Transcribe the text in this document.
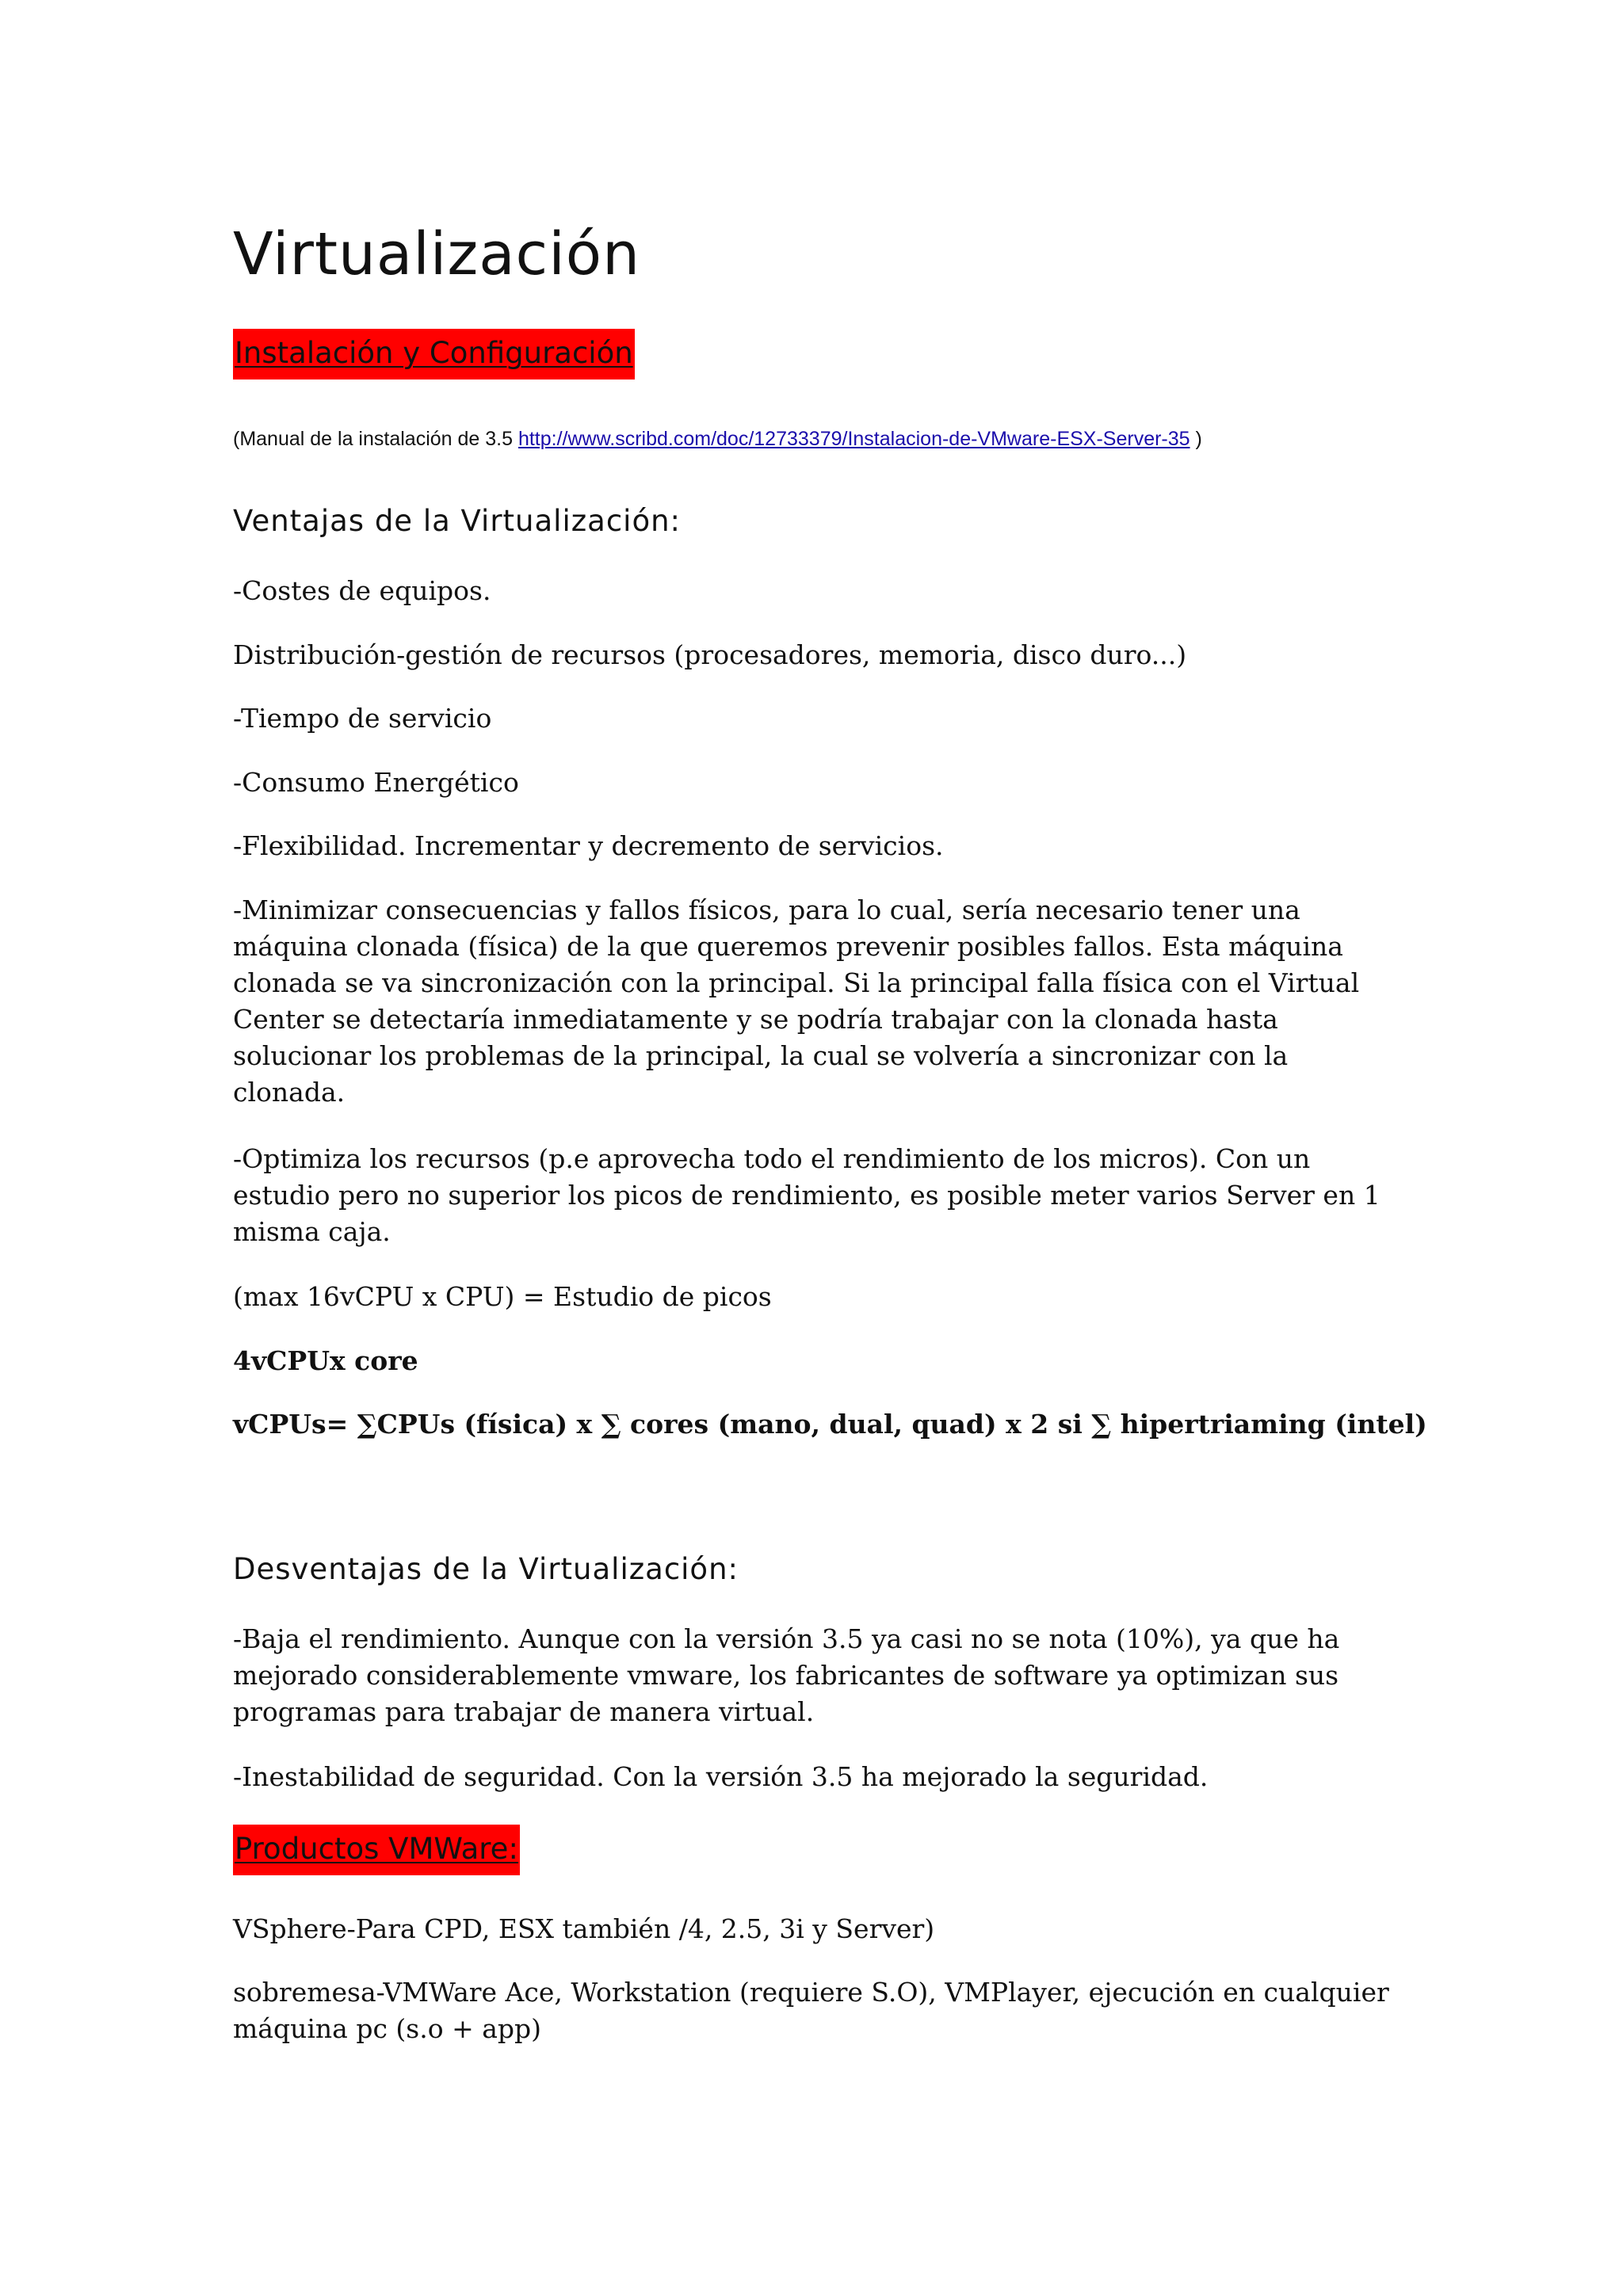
Virtualización
Instalación y Configuración
(Manual de la instalación de 3.5 http://www.scribd.com/doc/12733379/Instalacion-de-VMware-ESX-Server-35 )
Ventajas de la Virtualización:

-Costes de equipos.

Distribución-gestión de recursos (procesadores, memoria, disco duro...)

-Tiempo de servicio

-Consumo Energético

-Flexibilidad. Incrementar y decremento de servicios.

-Minimizar consecuencias y fallos físicos, para lo cual, sería necesario tener una máquina clonada (física) de la que queremos prevenir posibles fallos. Esta máquina clonada se va sincronización con la principal. Si la principal falla física con el Virtual Center se detectaría inmediatamente y se podría trabajar con la clonada hasta solucionar los problemas de la principal, la cual se volvería a sincronizar con la clonada.

-Optimiza los recursos (p.e aprovecha todo el rendimiento de los micros). Con un estudio pero no superior los picos de rendimiento, es posible meter varios Server en 1 misma caja.

(max 16vCPU x CPU) = Estudio de picos

4vCPUx core

vCPUs= ∑CPUs (física) x ∑ cores (mano, dual, quad) x 2 si ∑ hipertriaming (intel)

Desventajas de la Virtualización:

-Baja el rendimiento. Aunque con la versión 3.5 ya casi no se nota (10%), ya que ha mejorado considerablemente vmware, los fabricantes de software ya optimizan sus programas para trabajar de manera virtual.

-Inestabilidad de seguridad. Con la versión 3.5 ha mejorado la seguridad.

Productos VMWare:

VSphere-Para CPD, ESX también /4, 2.5, 3i y Server)

sobremesa-VMWare Ace, Workstation (requiere S.O), VMPlayer, ejecución en cualquier máquina pc (s.o + app)
